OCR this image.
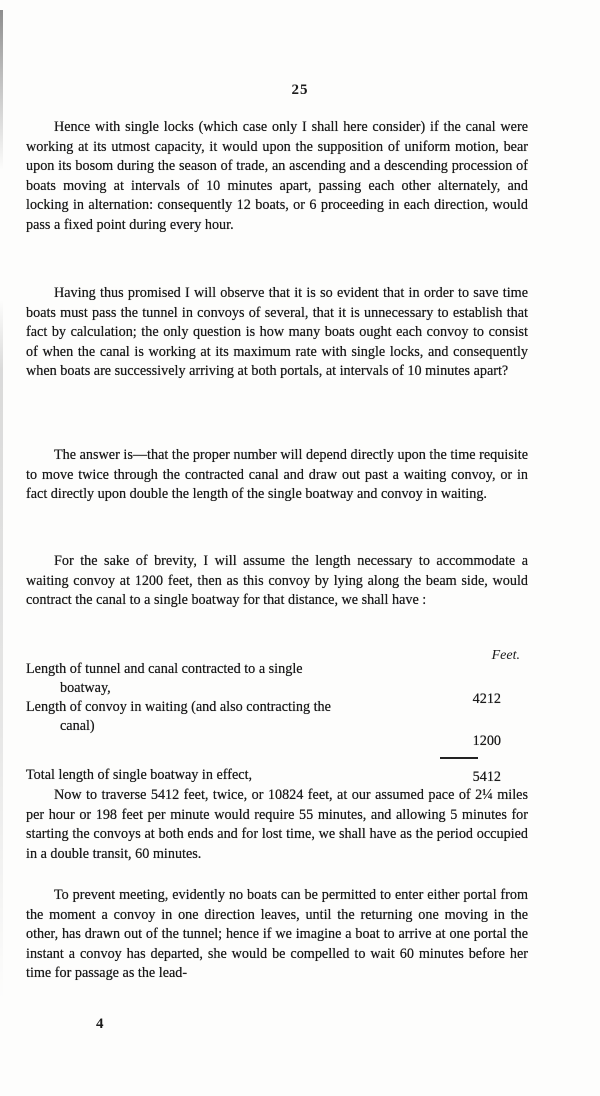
25

Hence with single locks (which case only I shall here consider) if the canal were working at its utmost capacity, it would upon the supposition of uniform motion, bear upon its bosom during the season of trade, an ascending and a descending procession of boats moving at intervals of 10 minutes apart, passing each other alternately, and locking in alternation: consequently 12 boats, or 6 proceeding in each direction, would pass a fixed point during every hour.

Having thus promised I will observe that it is so evident that in order to save time boats must pass the tunnel in convoys of several, that it is unnecessary to establish that fact by calculation; the only question is how many boats ought each convoy to consist of when the canal is working at its maximum rate with single locks, and consequently when boats are successively arriving at both portals, at intervals of 10 minutes apart?

The answer is—that the proper number will depend directly upon the time requisite to move twice through the contracted canal and draw out past a waiting convoy, or in fact directly upon double the length of the single boatway and convoy in waiting.

For the sake of brevity, I will assume the length necessary to accommodate a waiting convoy at 1200 feet, then as this convoy by lying along the beam side, would contract the canal to a single boatway for that distance, we shall have :

Feet.
Length of tunnel and canal contracted to a single
boatway,
4212
Length of convoy in waiting (and also contracting the
canal)
1200
Total length of single boatway in effect,	5412

Now to traverse 5412 feet, twice, or 10824 feet, at our assumed pace of 2¼ miles per hour or 198 feet per minute would require 55 minutes, and allowing 5 minutes for starting the convoys at both ends and for lost time, we shall have as the period occupied in a double transit, 60 minutes.

To prevent meeting, evidently no boats can be permitted to enter either portal from the moment a convoy in one direction leaves, until the returning one moving in the other, has drawn out of the tunnel; hence if we imagine a boat to arrive at one portal the instant a convoy has departed, she would be compelled to wait 60 minutes before her time for passage as the lead-

4
